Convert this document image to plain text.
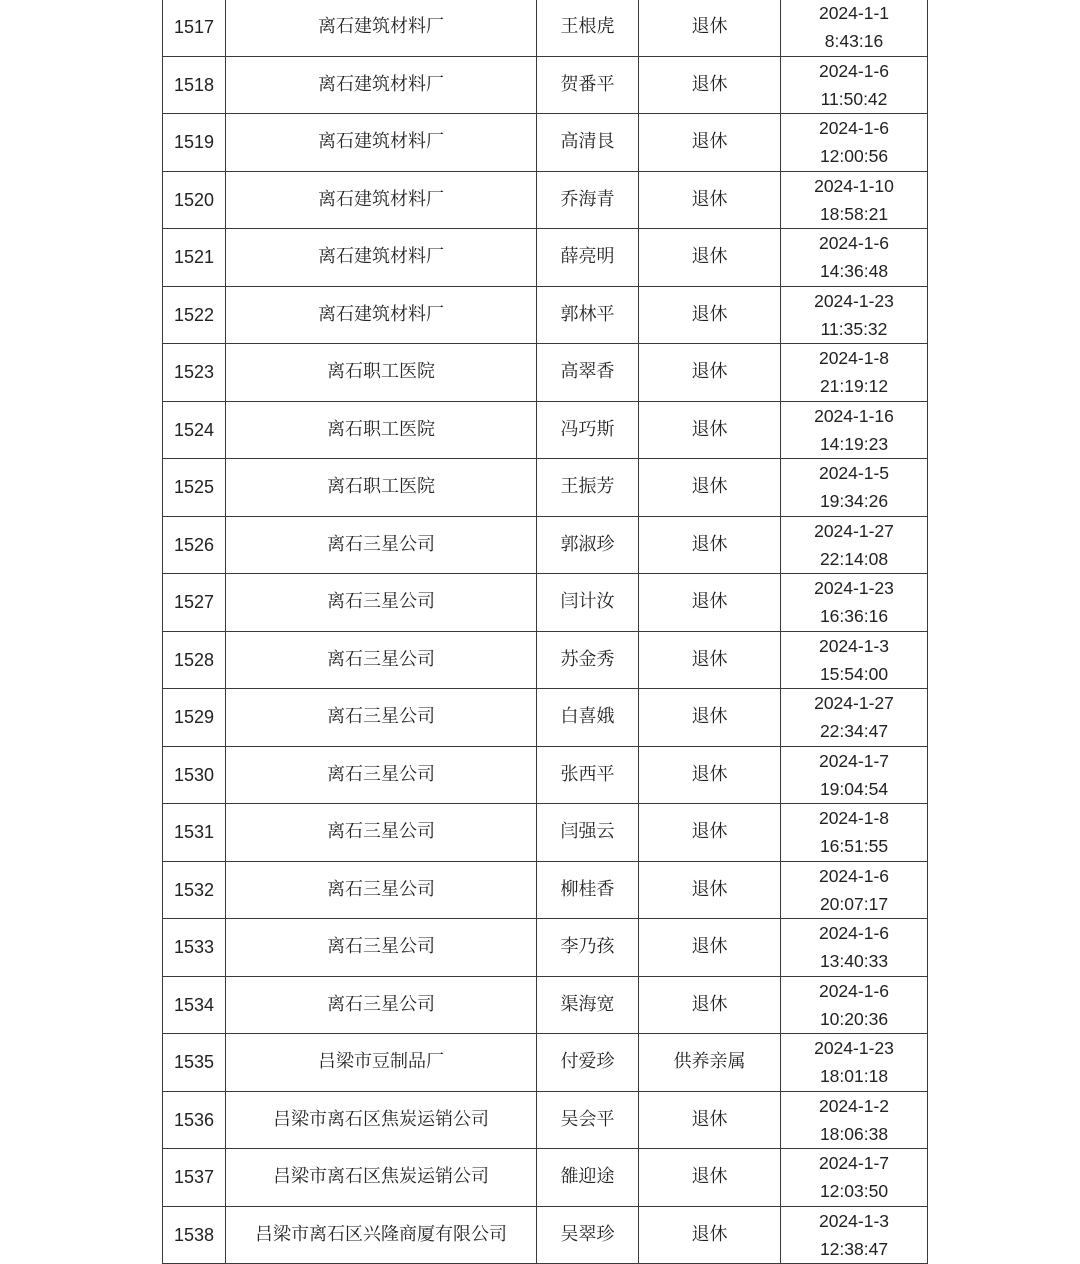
1517	离石建筑材料厂	王根虎	退休	2024-1-1
8:43:16

1518	离石建筑材料厂	贺番平	退休	2024-1-6
11:50:42

1519	离石建筑材料厂	高清艮	退休	2024-1-6
12:00:56

1520	离石建筑材料厂	乔海青	退休	2024-1-10
18:58:21

1521	离石建筑材料厂	薛亮明	退休	2024-1-6
14:36:48

1522	离石建筑材料厂	郭林平	退休	2024-1-23
11:35:32

1523	离石职工医院	高翠香	退休	2024-1-8
21:19:12

1524	离石职工医院	冯巧斯	退休	2024-1-16
14:19:23

1525	离石职工医院	王振芳	退休	2024-1-5
19:34:26

1526	离石三星公司	郭淑珍	退休	2024-1-27
22:14:08

1527	离石三星公司	闫计汝	退休	2024-1-23
16:36:16

1528	离石三星公司	苏金秀	退休	2024-1-3
15:54:00

1529	离石三星公司	白喜娥	退休	2024-1-27
22:34:47

1530	离石三星公司	张西平	退休	2024-1-7
19:04:54

1531	离石三星公司	闫强云	退休	2024-1-8
16:51:55

1532	离石三星公司	柳桂香	退休	2024-1-6
20:07:17

1533	离石三星公司	李乃孩	退休	2024-1-6
13:40:33

1534	离石三星公司	渠海宽	退休	2024-1-6
10:20:36

1535	吕梁市豆制品厂	付爱珍	供养亲属	2024-1-23
18:01:18

1536	吕梁市离石区焦炭运销公司	吴会平	退休	2024-1-2
18:06:38

1537	吕梁市离石区焦炭运销公司	雒迎途	退休	2024-1-7
12:03:50

1538	吕梁市离石区兴隆商厦有限公司	吴翠珍	退休	2024-1-3
12:38:47
